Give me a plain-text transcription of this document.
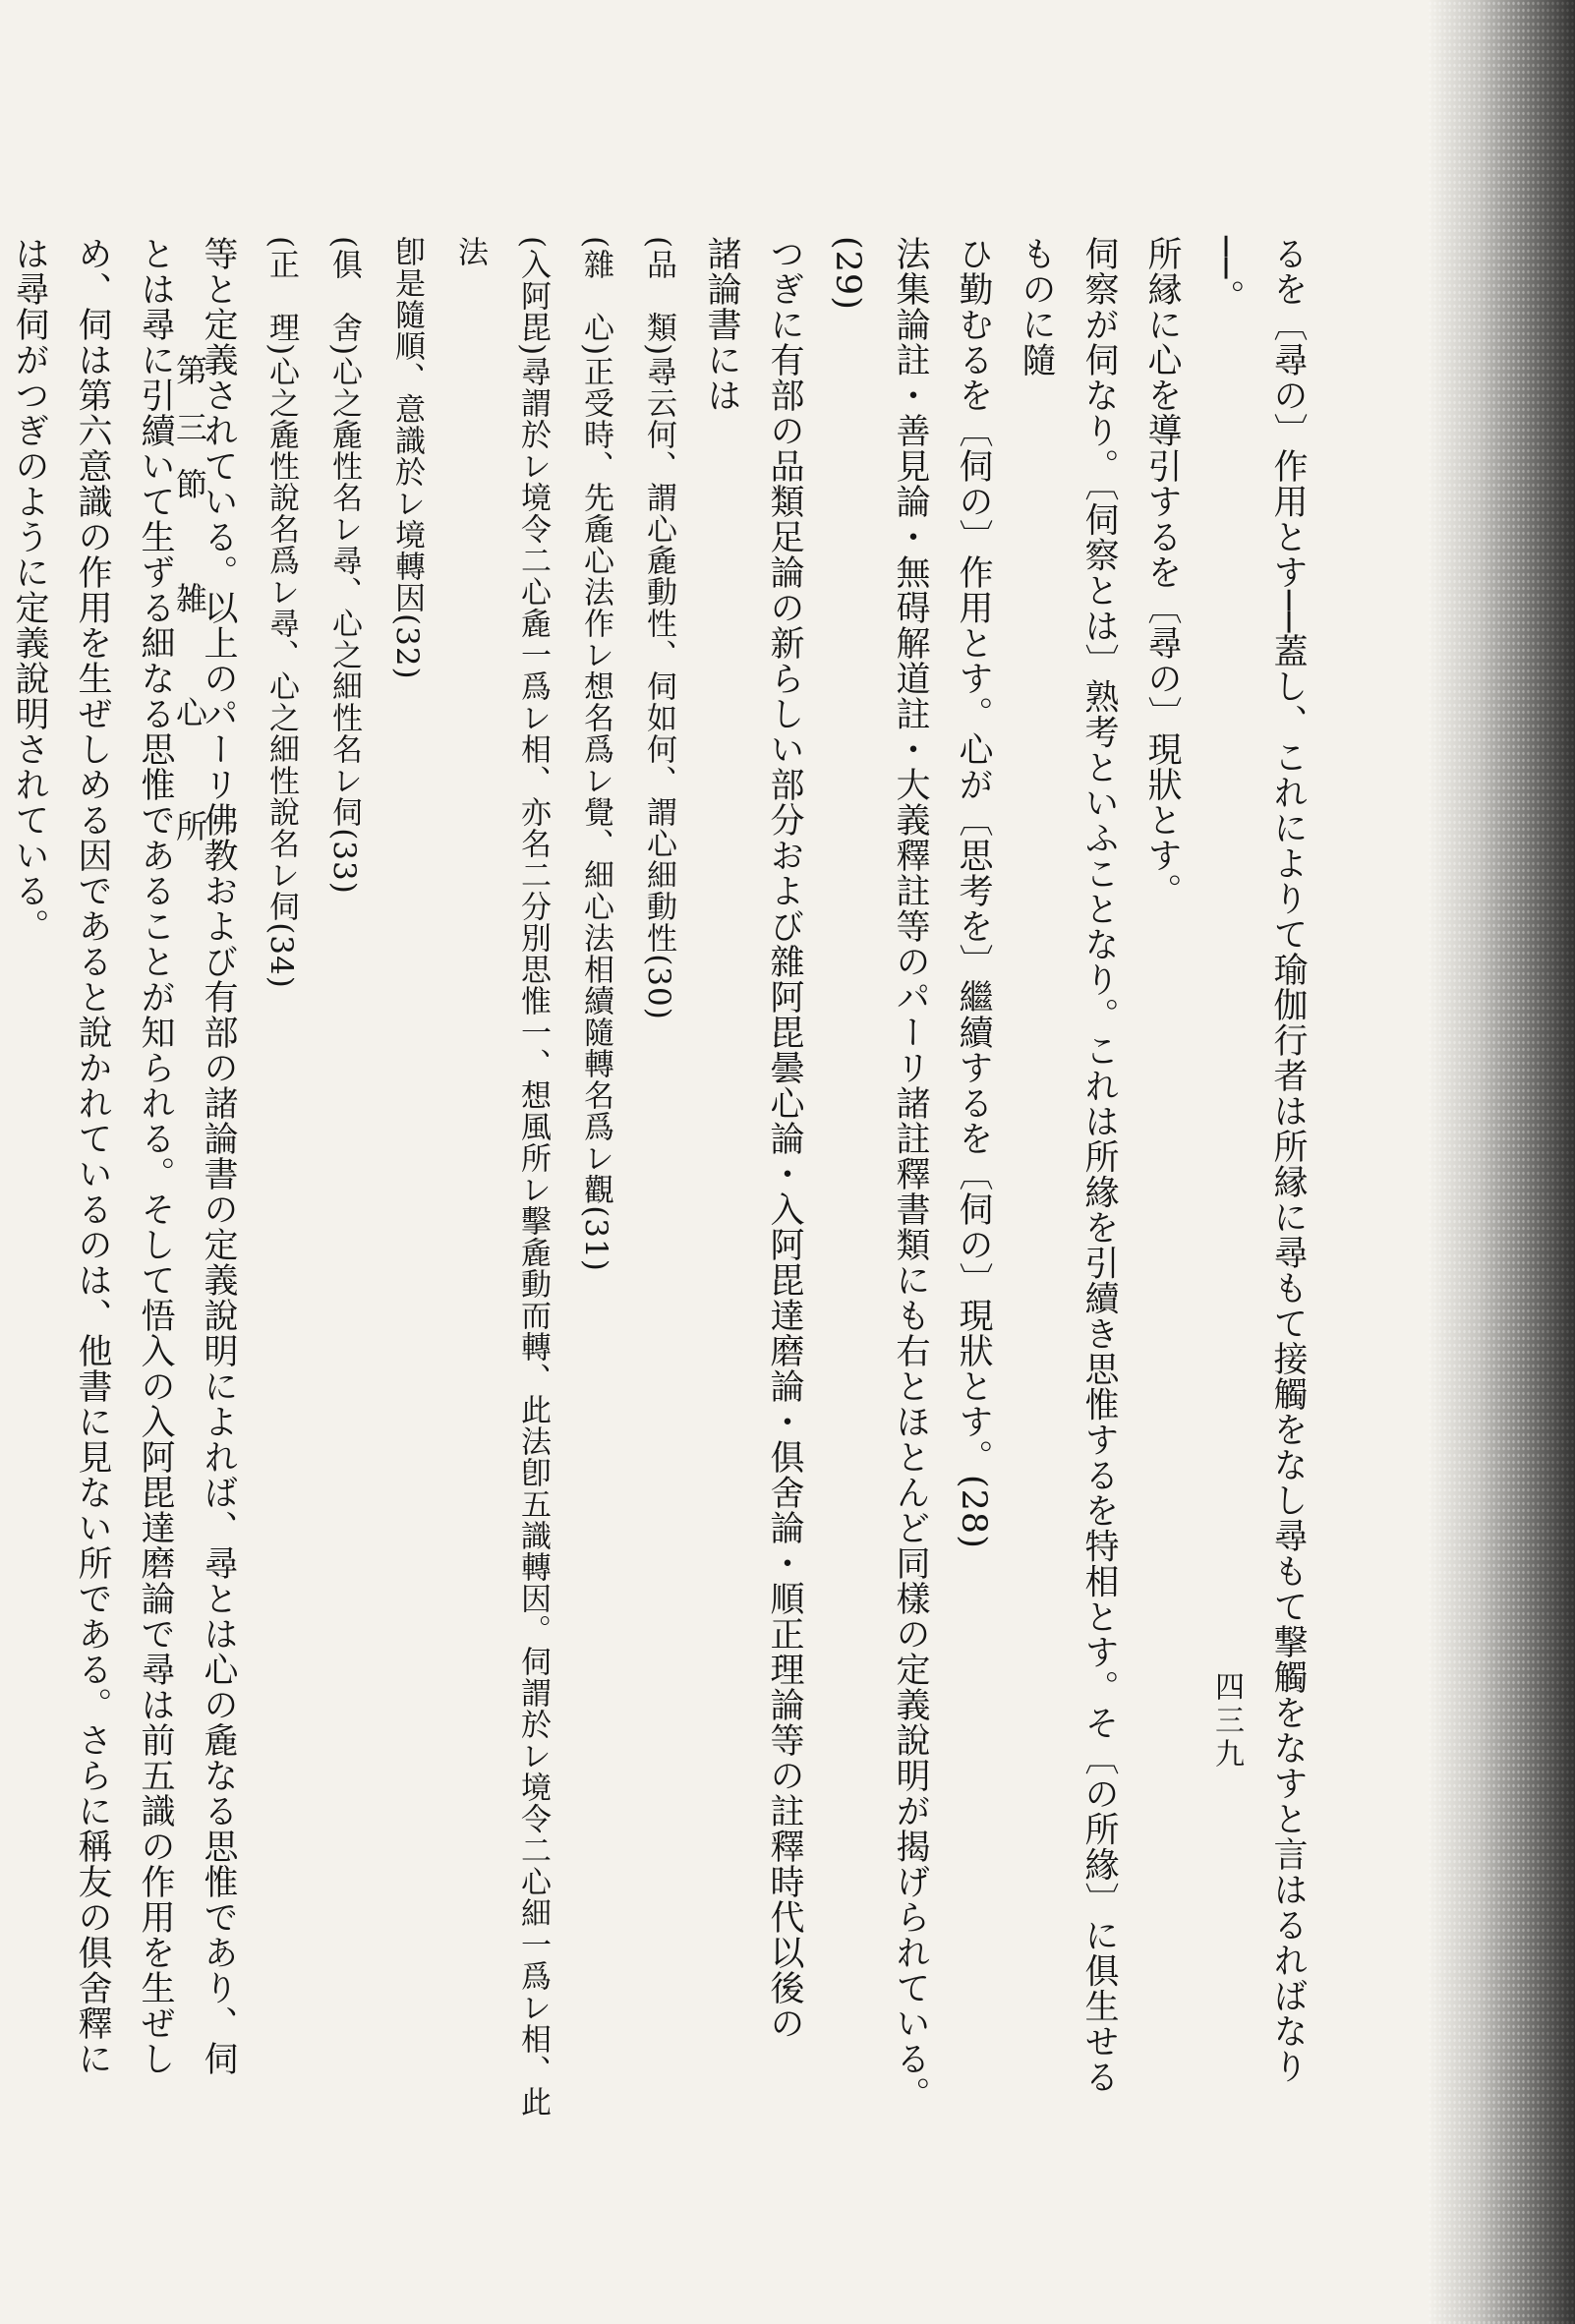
るを〔尋の〕作用とす──蓋し、これによりて瑜伽行者は所縁に尋もて接觸をなし尋もて撃觸をなすと言はるればなり──。

所縁に心を導引するを〔尋の〕現狀とす。

伺察が伺なり。〔伺察とは〕熟考といふことなり。これは所緣を引續き思惟するを特相とす。そ〔の所緣〕に俱生せるものに隨

ひ勤むるを〔伺の〕作用とす。心が〔思考を〕繼續するを〔伺の〕現狀とす。(28)

法集論註・善見論・無碍解道註・大義釋註等のパーリ諸註釋書類にも右とほとんど同樣の定義說明が揭げられている。(29)

つぎに有部の品類足論の新らしい部分および雜阿毘曇心論・入阿毘達磨論・俱舍論・順正理論等の註釋時代以後の

諸論書には

(品　類)尋云何、謂心麁動性、伺如何、謂心細動性(30)

(雜　心)正受時、先麁心法作レ想名爲レ覺、細心法相續隨轉名爲レ觀(31)

(入阿毘)尋謂於レ境令二心麁一爲レ相、亦名二分別思惟一、想風所レ擊麁動而轉、此法卽五識轉因。伺謂於レ境令二心細一爲レ相、此法

卽是隨順、意識於レ境轉因(32)

(俱　舍)心之麁性名レ尋、心之細性名レ伺(33)

(正　理)心之麁性說名爲レ尋、心之細性說名レ伺(34)

等と定義されている。以上のパーリ佛教および有部の諸論書の定義說明によれば、尋とは心の麁なる思惟であり、伺

とは尋に引續いて生ずる細なる思惟であることが知られる。そして悟入の入阿毘達磨論で尋は前五識の作用を生ぜし

め、伺は第六意識の作用を生ぜしめる因であると說かれているのは、他書に見ない所である。さらに稱友の俱舍釋に

は尋伺がつぎのように定義說明されている。	第三節　雑　心　所
四三九
